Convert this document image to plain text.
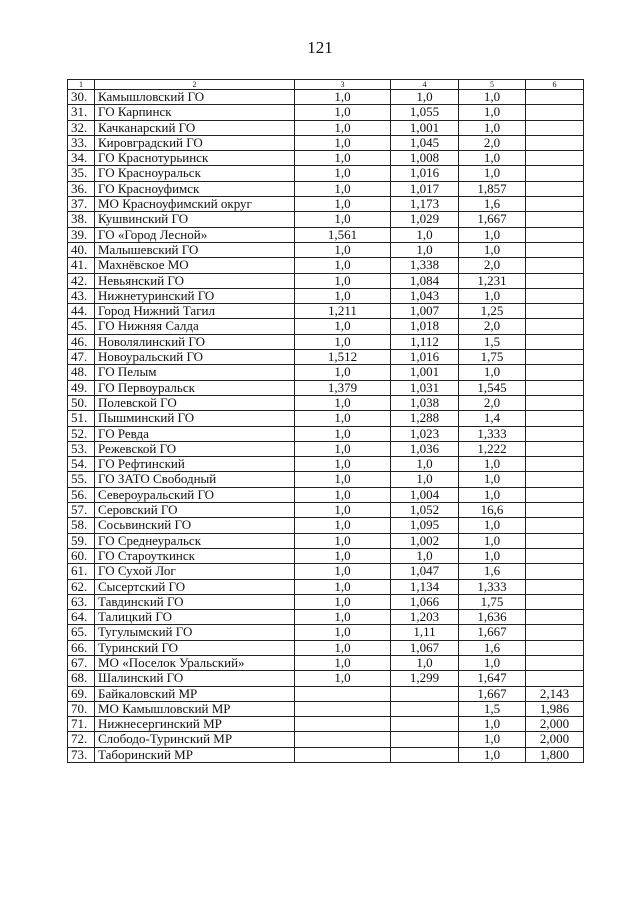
121
1	2	3	4	5	6
30.	Камышловский ГО	1,0	1,0	1,0	
31.	ГО Карпинск	1,0	1,055	1,0	
32.	Качканарский ГО	1,0	1,001	1,0	
33.	Кировградский ГО	1,0	1,045	2,0	
34.	ГО Краснотурьинск	1,0	1,008	1,0	
35.	ГО Красноуральск	1,0	1,016	1,0	
36.	ГО Красноуфимск	1,0	1,017	1,857	
37.	МО Красноуфимский округ	1,0	1,173	1,6	
38.	Кушвинский ГО	1,0	1,029	1,667	
39.	ГО «Город Лесной»	1,561	1,0	1,0	
40.	Малышевский ГО	1,0	1,0	1,0	
41.	Махнёвское МО	1,0	1,338	2,0	
42.	Невьянский ГО	1,0	1,084	1,231	
43.	Нижнетуринский ГО	1,0	1,043	1,0	
44.	Город Нижний Тагил	1,211	1,007	1,25	
45.	ГО Нижняя Салда	1,0	1,018	2,0	
46.	Новолялинский ГО	1,0	1,112	1,5	
47.	Новоуральский ГО	1,512	1,016	1,75	
48.	ГО Пелым	1,0	1,001	1,0	
49.	ГО Первоуральск	1,379	1,031	1,545	
50.	Полевской ГО	1,0	1,038	2,0	
51.	Пышминский ГО	1,0	1,288	1,4	
52.	ГО Ревда	1,0	1,023	1,333	
53.	Режевской ГО	1,0	1,036	1,222	
54.	ГО Рефтинский	1,0	1,0	1,0	
55.	ГО ЗАТО Свободный	1,0	1,0	1,0	
56.	Североуральский ГО	1,0	1,004	1,0	
57.	Серовский ГО	1,0	1,052	16,6	
58.	Сосьвинский ГО	1,0	1,095	1,0	
59.	ГО Среднеуральск	1,0	1,002	1,0	
60.	ГО Староуткинск	1,0	1,0	1,0	
61.	ГО Сухой Лог	1,0	1,047	1,6	
62.	Сысертский ГО	1,0	1,134	1,333	
63.	Тавдинский ГО	1,0	1,066	1,75	
64.	Талицкий ГО	1,0	1,203	1,636	
65.	Тугулымский ГО	1,0	1,11	1,667	
66.	Туринский ГО	1,0	1,067	1,6	
67.	МО «Поселок Уральский»	1,0	1,0	1,0	
68.	Шалинский ГО	1,0	1,299	1,647	
69.	Байкаловский МР			1,667	2,143
70.	МО Камышловский МР			1,5	1,986
71.	Нижнесергинский МР			1,0	2,000
72.	Слободо-Туринский МР			1,0	2,000
73.	Таборинский МР			1,0	1,800
